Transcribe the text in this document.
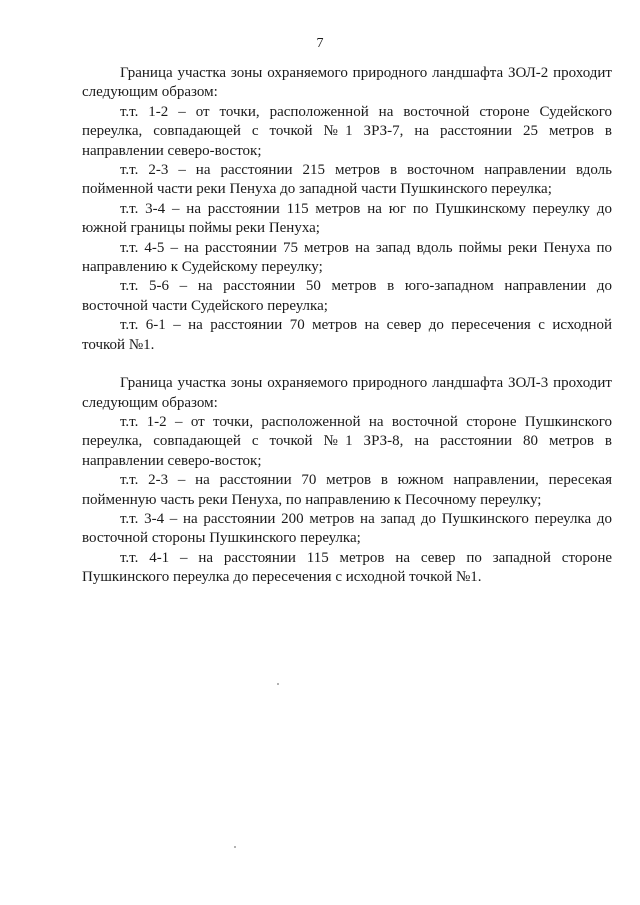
7

Граница участка зоны охраняемого природного ландшафта ЗОЛ-2 проходит следующим образом:

т.т. 1-2 – от точки, расположенной на восточной стороне Судейского переулка, совпадающей с точкой №1 ЗРЗ-7, на расстоянии 25 метров в направлении северо-восток;

т.т. 2-3 – на расстоянии 215 метров в восточном направлении вдоль пойменной части реки Пенуха до западной части Пушкинского переулка;

т.т. 3-4 – на расстоянии 115 метров на юг по Пушкинскому переулку до южной границы поймы реки Пенуха;

т.т. 4-5 – на расстоянии 75 метров на запад вдоль поймы реки Пенуха по направлению к Судейскому переулку;

т.т. 5-6 – на расстоянии 50 метров в юго-западном направлении до восточной части Судейского переулка;

т.т. 6-1 – на расстоянии 70 метров на север до пересечения с исходной точкой №1.

Граница участка зоны охраняемого природного ландшафта ЗОЛ-3 проходит следующим образом:

т.т. 1-2 – от точки, расположенной на восточной стороне Пушкинского переулка, совпадающей с точкой №1 ЗРЗ-8, на расстоянии 80 метров в направлении северо-восток;

т.т. 2-3 – на расстоянии 70 метров в южном направлении, пересекая пойменную часть реки Пенуха, по направлению к Песочному переулку;

т.т. 3-4 – на расстоянии 200 метров на запад до Пушкинского переулка до восточной стороны Пушкинского переулка;

т.т. 4-1 – на расстоянии 115 метров на север по западной стороне Пушкинского переулка до пересечения с исходной точкой №1.
